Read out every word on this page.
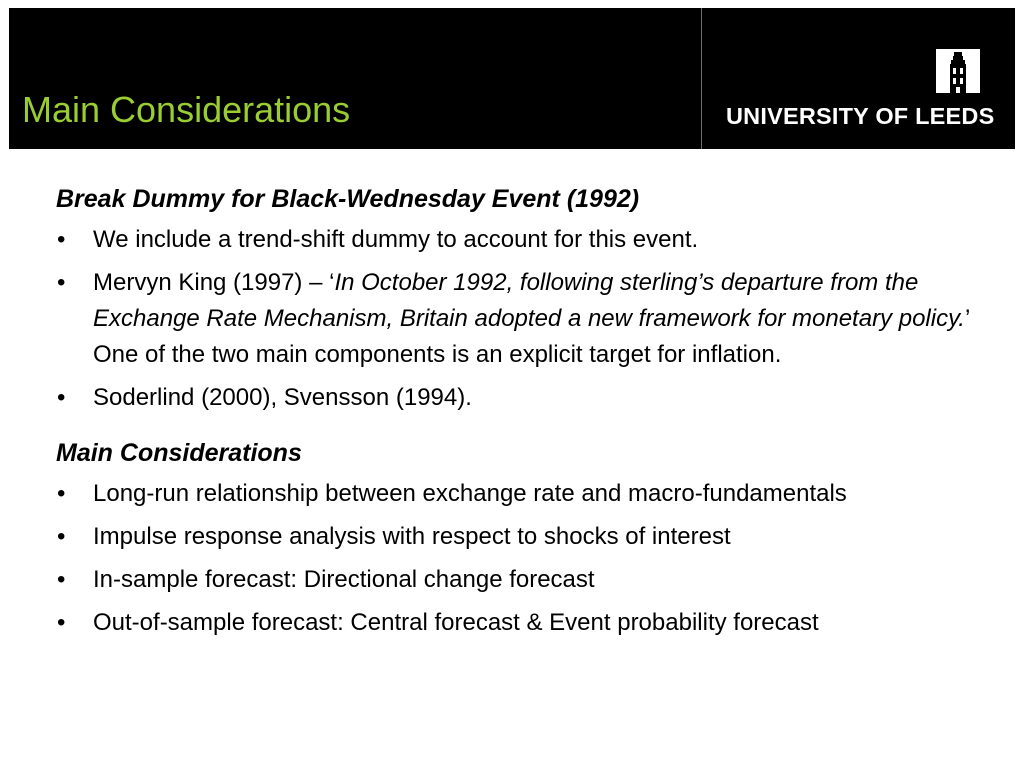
Main Considerations	UNIVERSITY OF LEEDS
Break Dummy for Black-Wednesday Event (1992)
• We include a trend-shift dummy to account for this event.
• Mervyn King (1997) – ‘In October 1992, following sterling’s departure from the Exchange Rate Mechanism, Britain adopted a new framework for monetary policy.’ One of the two main components is an explicit target for inflation.
• Soderlind (2000), Svensson (1994).
Main Considerations
• Long-run relationship between exchange rate and macro-fundamentals
• Impulse response analysis with respect to shocks of interest
• In-sample forecast: Directional change forecast
• Out-of-sample forecast: Central forecast & Event probability forecast
